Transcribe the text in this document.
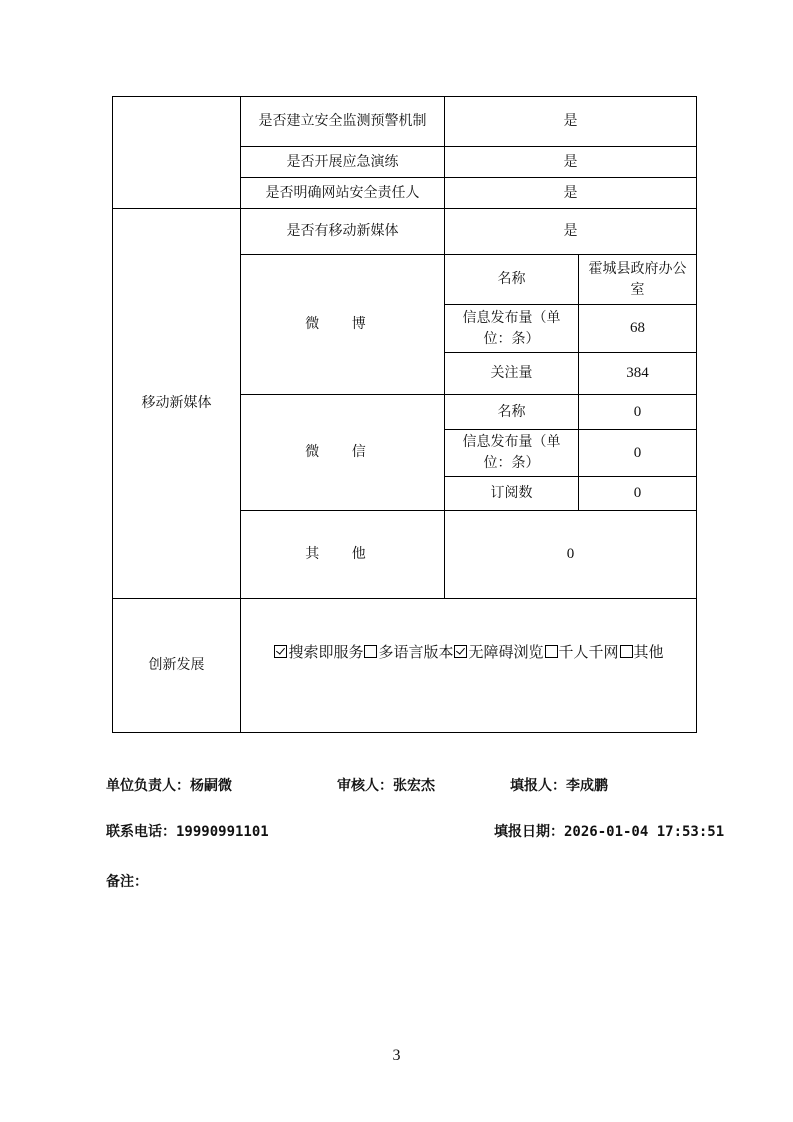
	是否建立安全监测预警机制	是	
	是否开展应急演练	是	
	是否明确网站安全责任人	是	
移动新媒体	是否有移动新媒体	是	
	微 博	名称	霍城县政府办公室
		信息发布量（单位：条）	68
		关注量	384
	微 信	名称	0
		信息发布量（单位：条）	0
		订阅数	0
	其 他	0	
创新发展	搜索即服务 多语言版本 无障碍浏览 千人千网 其他		
单位负责人：杨嗣微	审核人：张宏杰	填报人：李成鹏
联系电话：19990991101	填报日期：2026-01-04 17:53:51
备注：
3
